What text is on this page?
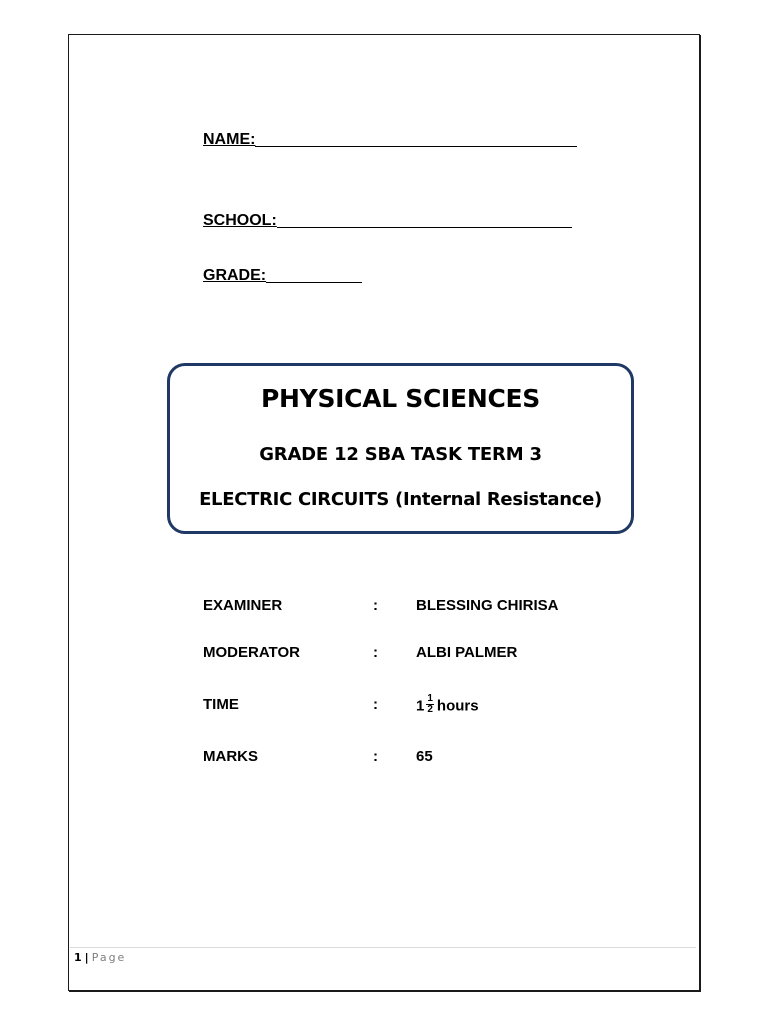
NAME:
SCHOOL:
GRADE:
PHYSICAL SCIENCES
GRADE 12 SBA TASK TERM 3
ELECTRIC CIRCUITS (Internal Resistance)
EXAMINER	:	BLESSING CHIRISA
MODERATOR	:	ALBI PALMER
TIME	:	$1 \frac{1}{2}$ hours
MARKS	:	65
1 | Page
